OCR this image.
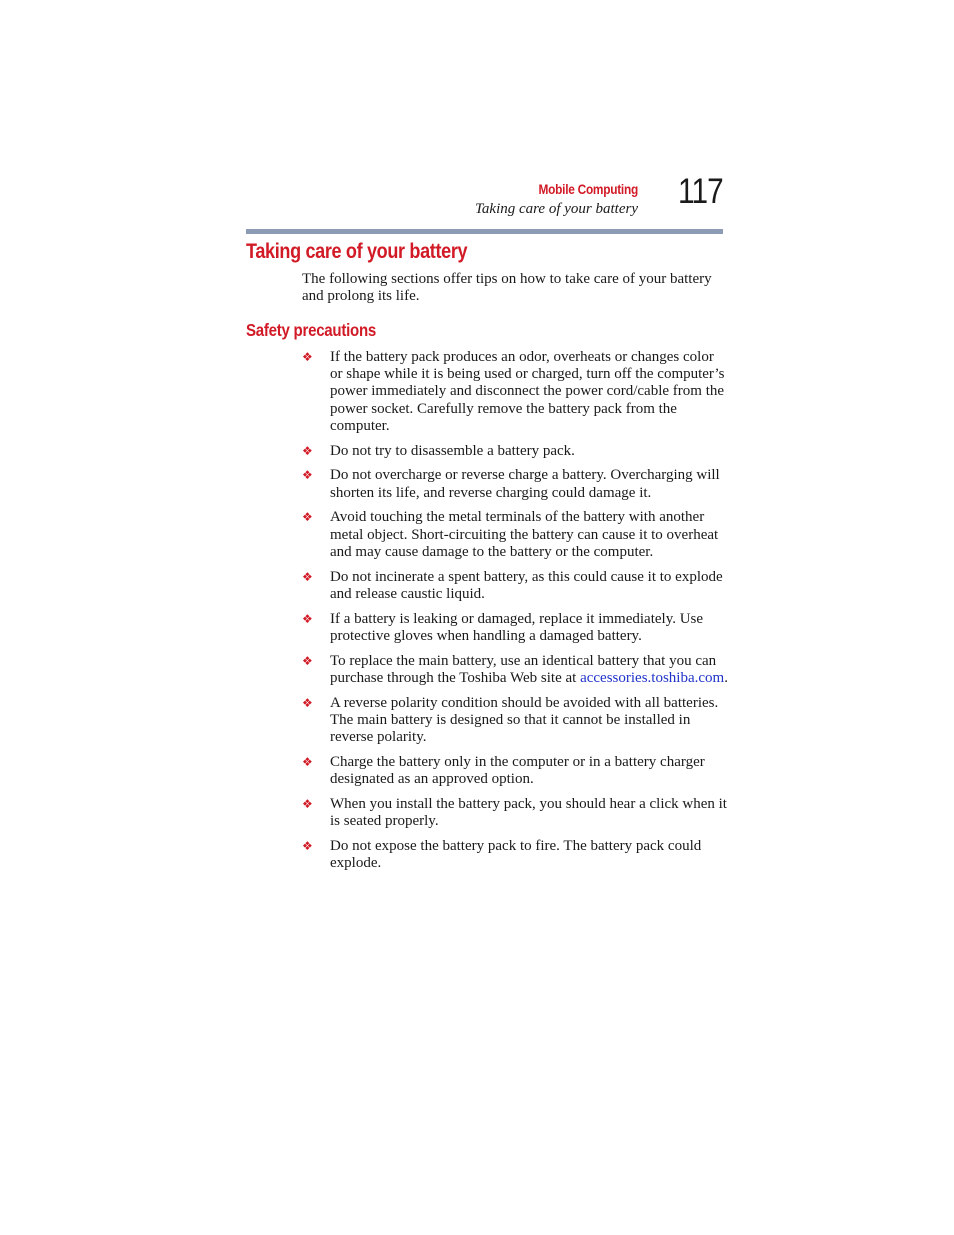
Mobile Computing
Taking care of your battery 117
Taking care of your battery

The following sections offer tips on how to take care of your battery and prolong its life.

Safety precautions
❖ If the battery pack produces an odor, overheats or changes color or shape while it is being used or charged, turn off the computer’s power immediately and disconnect the power cord/cable from the power socket. Carefully remove the battery pack from the computer.
❖ Do not try to disassemble a battery pack.
❖ Do not overcharge or reverse charge a battery. Overcharging will shorten its life, and reverse charging could damage it.
❖ Avoid touching the metal terminals of the battery with another metal object. Short-circuiting the battery can cause it to overheat and may cause damage to the battery or the computer.
❖ Do not incinerate a spent battery, as this could cause it to explode and release caustic liquid.
❖ If a battery is leaking or damaged, replace it immediately. Use protective gloves when handling a damaged battery.
❖ To replace the main battery, use an identical battery that you can purchase through the Toshiba Web site at accessories.toshiba.com.
❖ A reverse polarity condition should be avoided with all batteries. The main battery is designed so that it cannot be installed in reverse polarity.
❖ Charge the battery only in the computer or in a battery charger designated as an approved option.
❖ When you install the battery pack, you should hear a click when it is seated properly.
❖ Do not expose the battery pack to fire. The battery pack could explode.
